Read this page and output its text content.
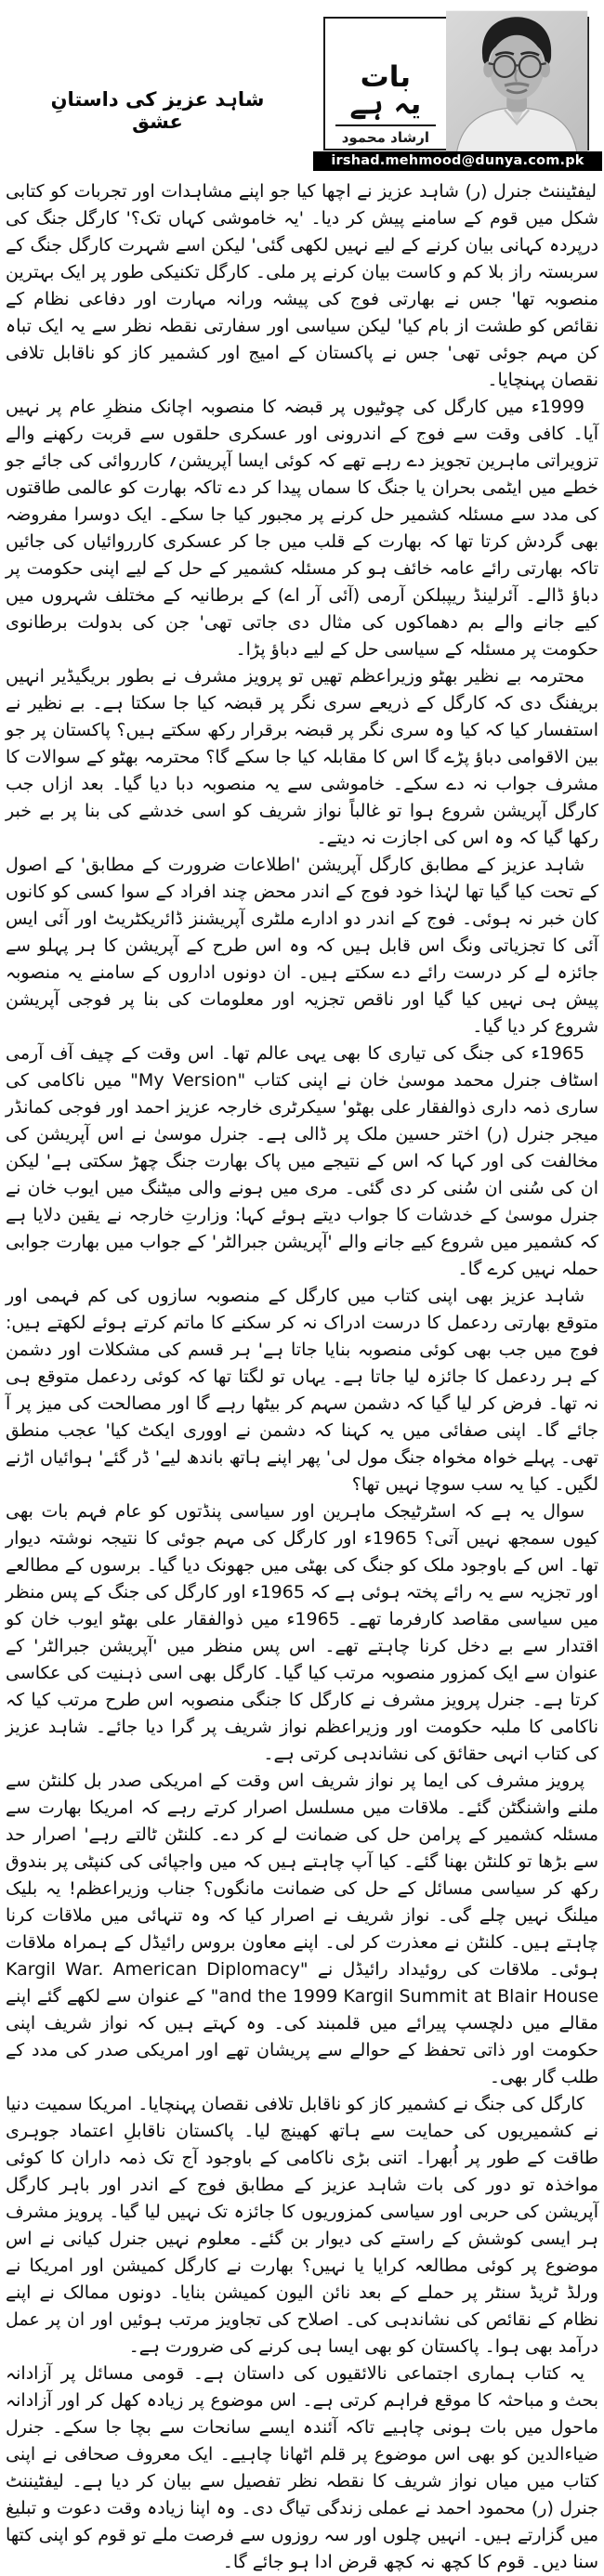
شاہد عزیز کی داستانِ عشق
بات
یہ ہے
ارشاد محمود
irshad.mehmood@dunya.com.pk

لیفٹیننٹ جنرل (ر) شاہد عزیز نے اچھا کیا جو اپنے مشاہدات اور تجربات کو کتابی شکل میں قوم کے سامنے پیش کر دیا۔ 'یہ خاموشی کہاں تک؟' کارگل جنگ کی درپردہ کہانی بیان کرنے کے لیے نہیں لکھی گئی' لیکن اسے شہرت کارگل جنگ کے سربستہ راز بلا کم و کاست بیان کرنے پر ملی۔ کارگل تکنیکی طور پر ایک بہترین منصوبہ تھا' جس نے بھارتی فوج کی پیشہ ورانہ مہارت اور دفاعی نظام کے نقائص کو طشت از بام کیا' لیکن سیاسی اور سفارتی نقطہ نظر سے یہ ایک تباہ کن مہم جوئی تھی' جس نے پاکستان کے امیج اور کشمیر کاز کو ناقابل تلافی نقصان پہنچایا۔

1999ء میں کارگل کی چوٹیوں پر قبضہ کا منصوبہ اچانک منظرِ عام پر نہیں آیا۔ کافی وقت سے فوج کے اندرونی اور عسکری حلقوں سے قربت رکھنے والے تزویراتی ماہرین تجویز دے رہے تھے کہ کوئی ایسا آپریشن؍ کارروائی کی جائے جو خطے میں ایٹمی بحران یا جنگ کا سماں پیدا کر دے تاکہ بھارت کو عالمی طاقتوں کی مدد سے مسئلہ کشمیر حل کرنے پر مجبور کیا جا سکے۔ ایک دوسرا مفروضہ بھی گردش کرتا تھا کہ بھارت کے قلب میں جا کر عسکری کارروائیاں کی جائیں تاکہ بھارتی رائے عامہ خائف ہو کر مسئلہ کشمیر کے حل کے لیے اپنی حکومت پر دباؤ ڈالے۔ آئرلینڈ ریپبلکن آرمی (آئی آر اے) کے برطانیہ کے مختلف شہروں میں کیے جانے والے بم دھماکوں کی مثال دی جاتی تھی' جن کی بدولت برطانوی حکومت پر مسئلہ کے سیاسی حل کے لیے دباؤ پڑا۔

محترمہ بے نظیر بھٹو وزیراعظم تھیں تو پرویز مشرف نے بطور بریگیڈیر انہیں بریفنگ دی کہ کارگل کے ذریعے سری نگر پر قبضہ کیا جا سکتا ہے۔ بے نظیر نے استفسار کیا کہ کیا وہ سری نگر پر قبضہ برقرار رکھ سکتے ہیں؟ پاکستان پر جو بین الاقوامی دباؤ پڑے گا اس کا مقابلہ کیا جا سکے گا؟ محترمہ بھٹو کے سوالات کا مشرف جواب نہ دے سکے۔ خاموشی سے یہ منصوبہ دبا دیا گیا۔ بعد ازاں جب کارگل آپریشن شروع ہوا تو غالباً نواز شریف کو اسی خدشے کی بنا پر بے خبر رکھا گیا کہ وہ اس کی اجازت نہ دیتے۔

شاہد عزیز کے مطابق کارگل آپریشن 'اطلاعات ضرورت کے مطابق' کے اصول کے تحت کیا گیا تھا لہٰذا خود فوج کے اندر محض چند افراد کے سوا کسی کو کانوں کان خبر نہ ہوئی۔ فوج کے اندر دو ادارے ملٹری آپریشنز ڈائریکٹریٹ اور آئی ایس آئی کا تجزیاتی ونگ اس قابل ہیں کہ وہ اس طرح کے آپریشن کا ہر پہلو سے جائزہ لے کر درست رائے دے سکتے ہیں۔ ان دونوں اداروں کے سامنے یہ منصوبہ پیش ہی نہیں کیا گیا اور ناقص تجزیہ اور معلومات کی بنا پر فوجی آپریشن شروع کر دیا گیا۔

1965ء کی جنگ کی تیاری کا بھی یہی عالم تھا۔ اس وقت کے چیف آف آرمی اسٹاف جنرل محمد موسیٰ خان نے اپنی کتاب "My Version" میں ناکامی کی ساری ذمہ داری ذوالفقار علی بھٹو' سیکرٹری خارجہ عزیز احمد اور فوجی کمانڈر میجر جنرل (ر) اختر حسین ملک پر ڈالی ہے۔ جنرل موسیٰ نے اس آپریشن کی مخالفت کی اور کہا کہ اس کے نتیجے میں پاک بھارت جنگ چھڑ سکتی ہے' لیکن ان کی سُنی ان سُنی کر دی گئی۔ مری میں ہونے والی میٹنگ میں ایوب خان نے جنرل موسیٰ کے خدشات کا جواب دیتے ہوئے کہا: وزارتِ خارجہ نے یقین دلایا ہے کہ کشمیر میں شروع کیے جانے والے 'آپریشن جبرالٹر' کے جواب میں بھارت جوابی حملہ نہیں کرے گا۔

شاہد عزیز بھی اپنی کتاب میں کارگل کے منصوبہ سازوں کی کم فہمی اور متوقع بھارتی ردعمل کا درست ادراک نہ کر سکنے کا ماتم کرتے ہوئے لکھتے ہیں: فوج میں جب بھی کوئی منصوبہ بنایا جاتا ہے' ہر قسم کی مشکلات اور دشمن کے ہر ردعمل کا جائزہ لیا جاتا ہے۔ یہاں تو لگتا تھا کہ کوئی ردعمل متوقع ہی نہ تھا۔ فرض کر لیا گیا کہ دشمن سہم کر بیٹھا رہے گا اور مصالحت کی میز پر آ جائے گا۔ اپنی صفائی میں یہ کہنا کہ دشمن نے اووری ایکٹ کیا' عجب منطق تھی۔ پہلے خواہ مخواہ جنگ مول لی' پھر اپنے ہاتھ باندھ لیے' ڈر گئے' ہوائیاں اڑنے لگیں۔ کیا یہ سب سوچا نہیں تھا؟

سوال یہ ہے کہ اسٹرٹیجک ماہرین اور سیاسی پنڈتوں کو عام فہم بات بھی کیوں سمجھ نہیں آتی؟ 1965ء اور کارگل کی مہم جوئی کا نتیجہ نوشتہ دیوار تھا۔ اس کے باوجود ملک کو جنگ کی بھٹی میں جھونک دیا گیا۔ برسوں کے مطالعے اور تجزیہ سے یہ رائے پختہ ہوئی ہے کہ 1965ء اور کارگل کی جنگ کے پس منظر میں سیاسی مقاصد کارفرما تھے۔ 1965ء میں ذوالفقار علی بھٹو ایوب خان کو اقتدار سے بے دخل کرنا چاہتے تھے۔ اس پس منظر میں 'آپریشن جبرالٹر' کے عنوان سے ایک کمزور منصوبہ مرتب کیا گیا۔ کارگل بھی اسی ذہنیت کی عکاسی کرتا ہے۔ جنرل پرویز مشرف نے کارگل کا جنگی منصوبہ اس طرح مرتب کیا کہ ناکامی کا ملبہ حکومت اور وزیراعظم نواز شریف پر گرا دیا جائے۔ شاہد عزیز کی کتاب انہی حقائق کی نشاندہی کرتی ہے۔

پرویز مشرف کی ایما پر نواز شریف اس وقت کے امریکی صدر بل کلنٹن سے ملنے واشنگٹن گئے۔ ملاقات میں مسلسل اصرار کرتے رہے کہ امریکا بھارت سے مسئلہ کشمیر کے پرامن حل کی ضمانت لے کر دے۔ کلنٹن ٹالتے رہے' اصرار حد سے بڑھا تو کلنٹن بھنا گئے۔ کیا آپ چاہتے ہیں کہ میں واجپائی کی کنپٹی پر بندوق رکھ کر سیاسی مسائل کے حل کی ضمانت مانگوں؟ جناب وزیراعظم! یہ بلیک میلنگ نہیں چلے گی۔ نواز شریف نے اصرار کیا کہ وہ تنہائی میں ملاقات کرنا چاہتے ہیں۔ کلنٹن نے معذرت کر لی۔ اپنے معاون بروس رائیڈل کے ہمراہ ملاقات ہوئی۔ ملاقات کی روئیداد رائیڈل نے "Kargil War. American Diplomacy and the 1999 Kargil Summit at Blair House" کے عنوان سے لکھے گئے اپنے مقالے میں دلچسپ پیرائے میں قلمبند کی۔ وہ کہتے ہیں کہ نواز شریف اپنی حکومت اور ذاتی تحفظ کے حوالے سے پریشان تھے اور امریکی صدر کی مدد کے طلب گار بھی۔

کارگل کی جنگ نے کشمیر کاز کو ناقابل تلافی نقصان پہنچایا۔ امریکا سمیت دنیا نے کشمیریوں کی حمایت سے ہاتھ کھینچ لیا۔ پاکستان ناقابلِ اعتماد جوہری طاقت کے طور پر اُبھرا۔ اتنی بڑی ناکامی کے باوجود آج تک ذمہ داران کا کوئی مواخذہ تو دور کی بات شاہد عزیز کے مطابق فوج کے اندر اور باہر کارگل آپریشن کی حربی اور سیاسی کمزوریوں کا جائزہ تک نہیں لیا گیا۔ پرویز مشرف ہر ایسی کوشش کے راستے کی دیوار بن گئے۔ معلوم نہیں جنرل کیانی نے اس موضوع پر کوئی مطالعہ کرایا یا نہیں؟ بھارت نے کارگل کمیشن اور امریکا نے ورلڈ ٹریڈ سنٹر پر حملے کے بعد نائن الیون کمیشن بنایا۔ دونوں ممالک نے اپنے نظام کے نقائص کی نشاندہی کی۔ اصلاح کی تجاویز مرتب ہوئیں اور ان پر عمل درآمد بھی ہوا۔ پاکستان کو بھی ایسا ہی کرنے کی ضرورت ہے۔

یہ کتاب ہماری اجتماعی نالائقیوں کی داستان ہے۔ قومی مسائل پر آزادانہ بحث و مباحثہ کا موقع فراہم کرتی ہے۔ اس موضوع پر زیادہ کھل کر اور آزادانہ ماحول میں بات ہونی چاہیے تاکہ آئندہ ایسے سانحات سے بچا جا سکے۔ جنرل ضیاءالدین کو بھی اس موضوع پر قلم اٹھانا چاہیے۔ ایک معروف صحافی نے اپنی کتاب میں میاں نواز شریف کا نقطہ نظر تفصیل سے بیان کر دیا ہے۔ لیفٹیننٹ جنرل (ر) محمود احمد نے عملی زندگی تیاگ دی۔ وہ اپنا زیادہ وقت دعوت و تبلیغ میں گزارتے ہیں۔ انہیں چلوں اور سہ روزوں سے فرصت ملے تو قوم کو اپنی کتھا سنا دیں۔ قوم کا کچھ نہ کچھ قرض ادا ہو جائے گا۔
